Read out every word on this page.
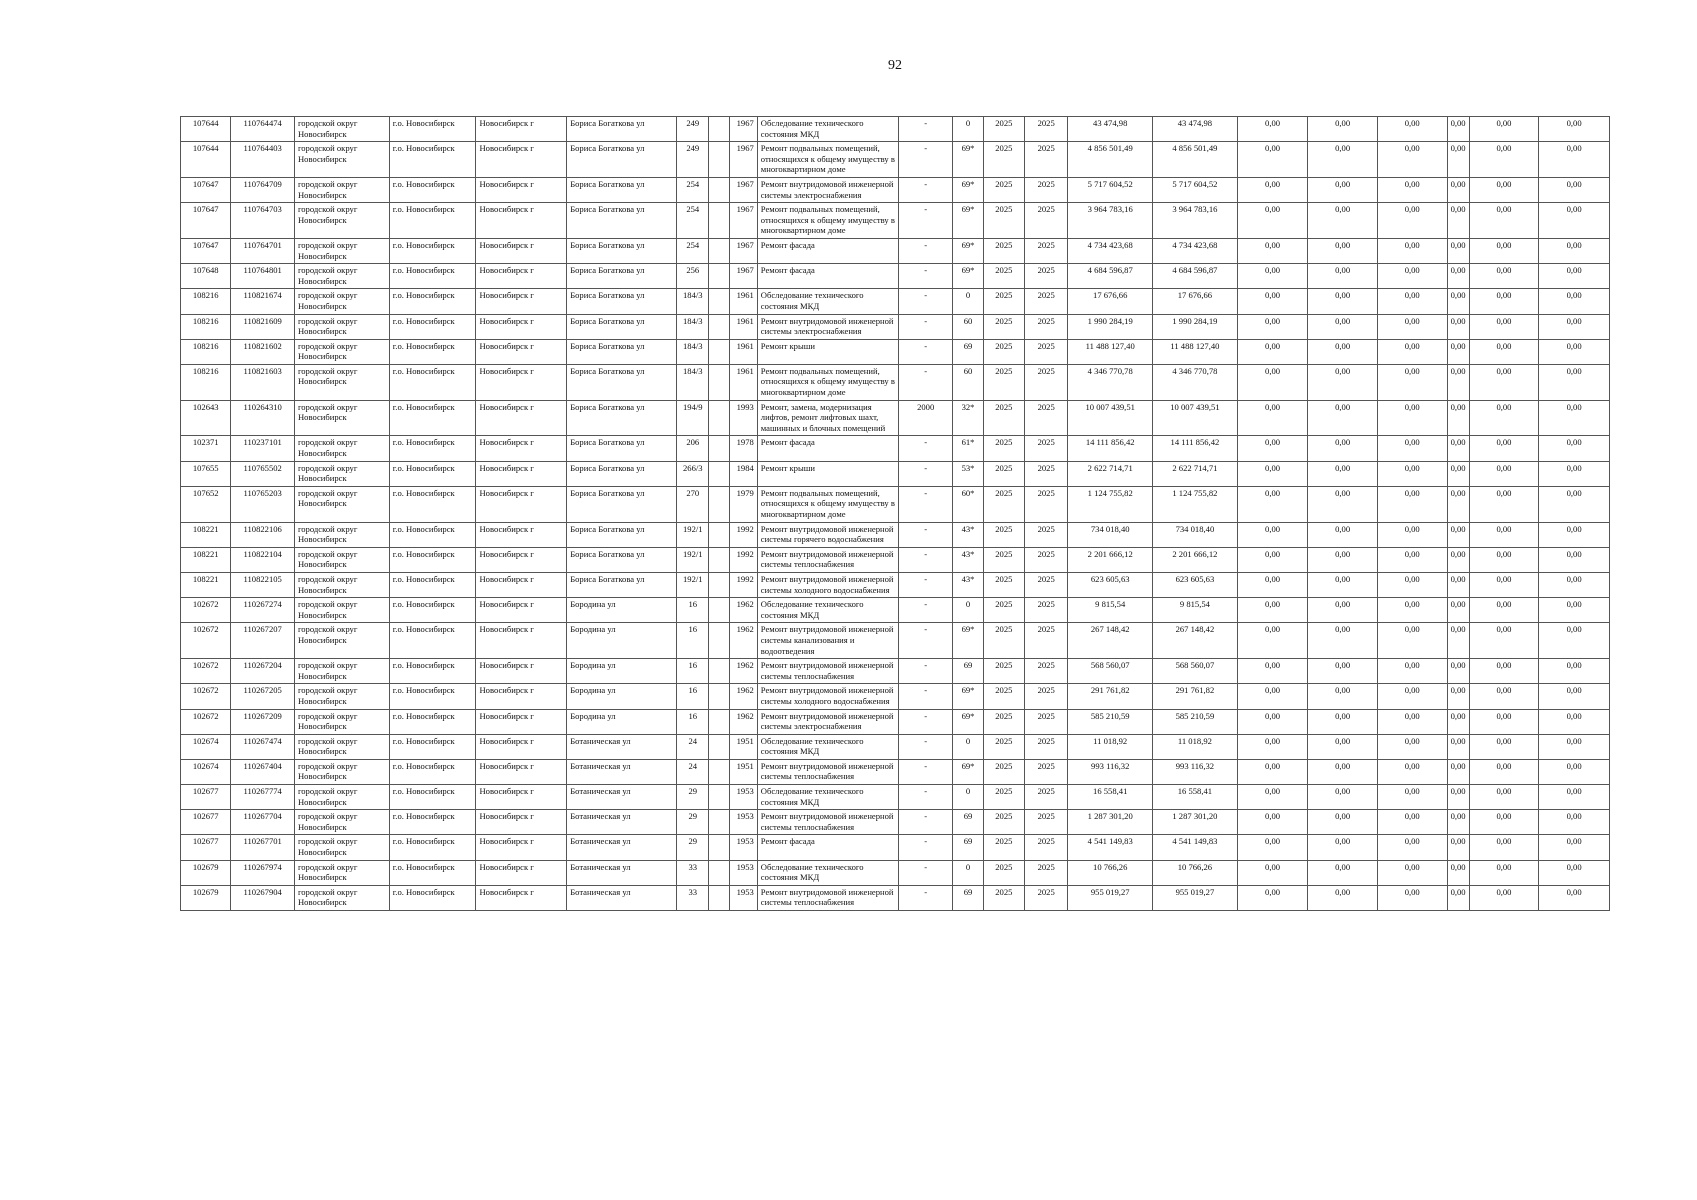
92
107644	110764474	городской округ Новосибирск	г.о. Новосибирск	Новосибирск г	Бориса Богаткова ул	249		1967	Обследование технического состояния МКД	-	0	2025	2025	43 474,98	43 474,98	0,00	0,00	0,00	0,00	0,00	0,00
107644	110764403	городской округ Новосибирск	г.о. Новосибирск	Новосибирск г	Бориса Богаткова ул	249		1967	Ремонт подвальных помещений, относящихся к общему имуществу в многоквартирном доме	-	69*	2025	2025	4 856 501,49	4 856 501,49	0,00	0,00	0,00	0,00	0,00	0,00
107647	110764709	городской округ Новосибирск	г.о. Новосибирск	Новосибирск г	Бориса Богаткова ул	254		1967	Ремонт внутридомовой инженерной системы электроснабжения	-	69*	2025	2025	5 717 604,52	5 717 604,52	0,00	0,00	0,00	0,00	0,00	0,00
107647	110764703	городской округ Новосибирск	г.о. Новосибирск	Новосибирск г	Бориса Богаткова ул	254		1967	Ремонт подвальных помещений, относящихся к общему имуществу в многоквартирном доме	-	69*	2025	2025	3 964 783,16	3 964 783,16	0,00	0,00	0,00	0,00	0,00	0,00
107647	110764701	городской округ Новосибирск	г.о. Новосибирск	Новосибирск г	Бориса Богаткова ул	254		1967	Ремонт фасада	-	69*	2025	2025	4 734 423,68	4 734 423,68	0,00	0,00	0,00	0,00	0,00	0,00
107648	110764801	городской округ Новосибирск	г.о. Новосибирск	Новосибирск г	Бориса Богаткова ул	256		1967	Ремонт фасада	-	69*	2025	2025	4 684 596,87	4 684 596,87	0,00	0,00	0,00	0,00	0,00	0,00
108216	110821674	городской округ Новосибирск	г.о. Новосибирск	Новосибирск г	Бориса Богаткова ул	184/3		1961	Обследование технического состояния МКД	-	0	2025	2025	17 676,66	17 676,66	0,00	0,00	0,00	0,00	0,00	0,00
108216	110821609	городской округ Новосибирск	г.о. Новосибирск	Новосибирск г	Бориса Богаткова ул	184/3		1961	Ремонт внутридомовой инженерной системы электроснабжения	-	60	2025	2025	1 990 284,19	1 990 284,19	0,00	0,00	0,00	0,00	0,00	0,00
108216	110821602	городской округ Новосибирск	г.о. Новосибирск	Новосибирск г	Бориса Богаткова ул	184/3		1961	Ремонт крыши	-	69	2025	2025	11 488 127,40	11 488 127,40	0,00	0,00	0,00	0,00	0,00	0,00
108216	110821603	городской округ Новосибирск	г.о. Новосибирск	Новосибирск г	Бориса Богаткова ул	184/3		1961	Ремонт подвальных помещений, относящихся к общему имуществу в многоквартирном доме	-	60	2025	2025	4 346 770,78	4 346 770,78	0,00	0,00	0,00	0,00	0,00	0,00
102643	110264310	городской округ Новосибирск	г.о. Новосибирск	Новосибирск г	Бориса Богаткова ул	194/9		1993	Ремонт, замена, модернизация лифтов, ремонт лифтовых шахт, машинных и блочных помещений	2000	32*	2025	2025	10 007 439,51	10 007 439,51	0,00	0,00	0,00	0,00	0,00	0,00
102371	110237101	городской округ Новосибирск	г.о. Новосибирск	Новосибирск г	Бориса Богаткова ул	206		1978	Ремонт фасада	-	61*	2025	2025	14 111 856,42	14 111 856,42	0,00	0,00	0,00	0,00	0,00	0,00
107655	110765502	городской округ Новосибирск	г.о. Новосибирск	Новосибирск г	Бориса Богаткова ул	266/3		1984	Ремонт крыши	-	53*	2025	2025	2 622 714,71	2 622 714,71	0,00	0,00	0,00	0,00	0,00	0,00
107652	110765203	городской округ Новосибирск	г.о. Новосибирск	Новосибирск г	Бориса Богаткова ул	270		1979	Ремонт подвальных помещений, относящихся к общему имуществу в многоквартирном доме	-	60*	2025	2025	1 124 755,82	1 124 755,82	0,00	0,00	0,00	0,00	0,00	0,00
108221	110822106	городской округ Новосибирск	г.о. Новосибирск	Новосибирск г	Бориса Богаткова ул	192/1		1992	Ремонт внутридомовой инженерной системы горячего водоснабжения	-	43*	2025	2025	734 018,40	734 018,40	0,00	0,00	0,00	0,00	0,00	0,00
108221	110822104	городской округ Новосибирск	г.о. Новосибирск	Новосибирск г	Бориса Богаткова ул	192/1		1992	Ремонт внутридомовой инженерной системы теплоснабжения	-	43*	2025	2025	2 201 666,12	2 201 666,12	0,00	0,00	0,00	0,00	0,00	0,00
108221	110822105	городской округ Новосибирск	г.о. Новосибирск	Новосибирск г	Бориса Богаткова ул	192/1		1992	Ремонт внутридомовой инженерной системы холодного водоснабжения	-	43*	2025	2025	623 605,63	623 605,63	0,00	0,00	0,00	0,00	0,00	0,00
102672	110267274	городской округ Новосибирск	г.о. Новосибирск	Новосибирск г	Бородина ул	16		1962	Обследование технического состояния МКД	-	0	2025	2025	9 815,54	9 815,54	0,00	0,00	0,00	0,00	0,00	0,00
102672	110267207	городской округ Новосибирск	г.о. Новосибирск	Новосибирск г	Бородина ул	16		1962	Ремонт внутридомовой инженерной системы канализования и водоотведения	-	69*	2025	2025	267 148,42	267 148,42	0,00	0,00	0,00	0,00	0,00	0,00
102672	110267204	городской округ Новосибирск	г.о. Новосибирск	Новосибирск г	Бородина ул	16		1962	Ремонт внутридомовой инженерной системы теплоснабжения	-	69	2025	2025	568 560,07	568 560,07	0,00	0,00	0,00	0,00	0,00	0,00
102672	110267205	городской округ Новосибирск	г.о. Новосибирск	Новосибирск г	Бородина ул	16		1962	Ремонт внутридомовой инженерной системы холодного водоснабжения	-	69*	2025	2025	291 761,82	291 761,82	0,00	0,00	0,00	0,00	0,00	0,00
102672	110267209	городской округ Новосибирск	г.о. Новосибирск	Новосибирск г	Бородина ул	16		1962	Ремонт внутридомовой инженерной системы электроснабжения	-	69*	2025	2025	585 210,59	585 210,59	0,00	0,00	0,00	0,00	0,00	0,00
102674	110267474	городской округ Новосибирск	г.о. Новосибирск	Новосибирск г	Ботаническая ул	24		1951	Обследование технического состояния МКД	-	0	2025	2025	11 018,92	11 018,92	0,00	0,00	0,00	0,00	0,00	0,00
102674	110267404	городской округ Новосибирск	г.о. Новосибирск	Новосибирск г	Ботаническая ул	24		1951	Ремонт внутридомовой инженерной системы теплоснабжения	-	69*	2025	2025	993 116,32	993 116,32	0,00	0,00	0,00	0,00	0,00	0,00
102677	110267774	городской округ Новосибирск	г.о. Новосибирск	Новосибирск г	Ботаническая ул	29		1953	Обследование технического состояния МКД	-	0	2025	2025	16 558,41	16 558,41	0,00	0,00	0,00	0,00	0,00	0,00
102677	110267704	городской округ Новосибирск	г.о. Новосибирск	Новосибирск г	Ботаническая ул	29		1953	Ремонт внутридомовой инженерной системы теплоснабжения	-	69	2025	2025	1 287 301,20	1 287 301,20	0,00	0,00	0,00	0,00	0,00	0,00
102677	110267701	городской округ Новосибирск	г.о. Новосибирск	Новосибирск г	Ботаническая ул	29		1953	Ремонт фасада	-	69	2025	2025	4 541 149,83	4 541 149,83	0,00	0,00	0,00	0,00	0,00	0,00
102679	110267974	городской округ Новосибирск	г.о. Новосибирск	Новосибирск г	Ботаническая ул	33		1953	Обследование технического состояния МКД	-	0	2025	2025	10 766,26	10 766,26	0,00	0,00	0,00	0,00	0,00	0,00
102679	110267904	городской округ Новосибирск	г.о. Новосибирск	Новосибирск г	Ботаническая ул	33		1953	Ремонт внутридомовой инженерной системы теплоснабжения	-	69	2025	2025	955 019,27	955 019,27	0,00	0,00	0,00	0,00	0,00	0,00
